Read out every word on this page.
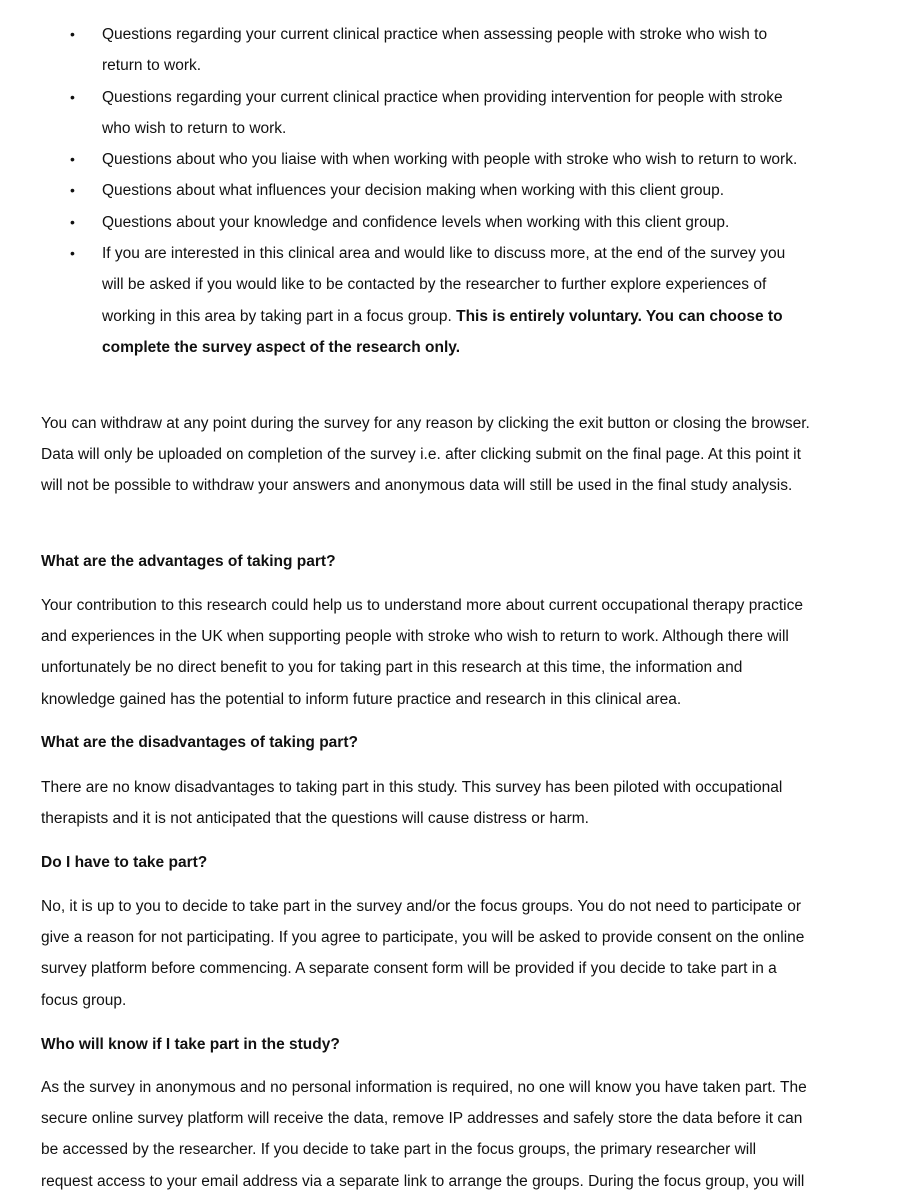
• Questions regarding your current clinical practice when assessing people with stroke who wish to return to work.
• Questions regarding your current clinical practice when providing intervention for people with stroke who wish to return to work.
• Questions about who you liaise with when working with people with stroke who wish to return to work.
• Questions about what influences your decision making when working with this client group.
• Questions about your knowledge and confidence levels when working with this client group.
• If you are interested in this clinical area and would like to discuss more, at the end of the survey you will be asked if you would like to be contacted by the researcher to further explore experiences of working in this area by taking part in a focus group. This is entirely voluntary. You can choose to complete the survey aspect of the research only.

You can withdraw at any point during the survey for any reason by clicking the exit button or closing the browser. Data will only be uploaded on completion of the survey i.e. after clicking submit on the final page. At this point it will not be possible to withdraw your answers and anonymous data will still be used in the final study analysis.

What are the advantages of taking part?

Your contribution to this research could help us to understand more about current occupational therapy practice and experiences in the UK when supporting people with stroke who wish to return to work. Although there will unfortunately be no direct benefit to you for taking part in this research at this time, the information and knowledge gained has the potential to inform future practice and research in this clinical area.

What are the disadvantages of taking part?

There are no know disadvantages to taking part in this study. This survey has been piloted with occupational therapists and it is not anticipated that the questions will cause distress or harm.

Do I have to take part?

No, it is up to you to decide to take part in the survey and/or the focus groups. You do not need to participate or give a reason for not participating. If you agree to participate, you will be asked to provide consent on the online survey platform before commencing. A separate consent form will be provided if you decide to take part in a focus group.

Who will know if I take part in the study?

As the survey in anonymous and no personal information is required, no one will know you have taken part. The secure online survey platform will receive the data, remove IP addresses and safely store the data before it can be accessed by the researcher. If you decide to take part in the focus groups, the primary researcher will request access to your email address via a separate link to arrange the groups. During the focus group, you will
